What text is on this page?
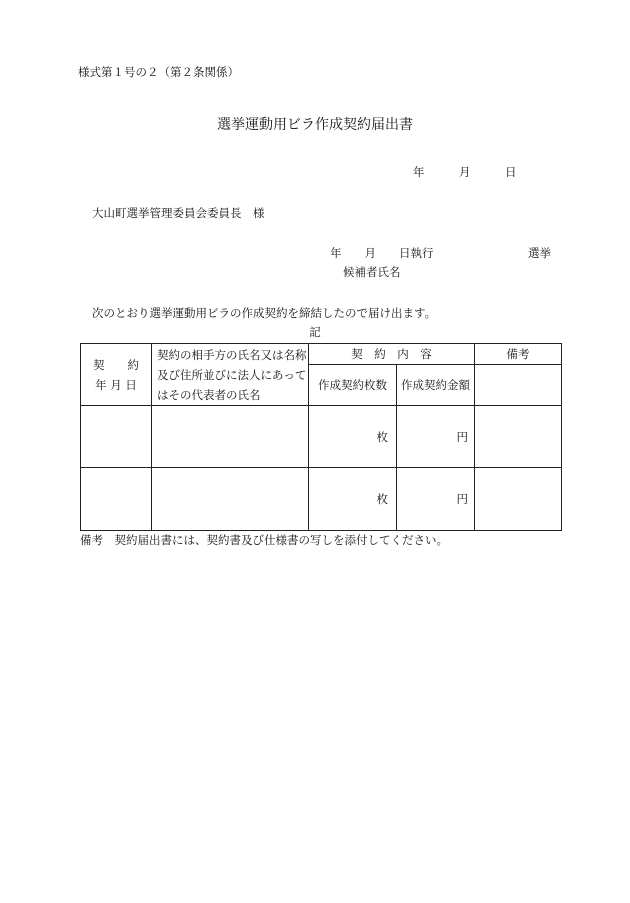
様式第１号の２（第２条関係）
選挙運動用ビラ作成契約届出書
年　　　月　　　日
大山町選挙管理委員会委員長　様
年　　月　　日執行	選挙
候補者氏名
次のとおり選挙運動用ビラの作成契約を締結したので届け出ます。
記
契　　約
年 月 日	契約の相手方の氏名又は名称
及び住所並びに法人にあって
はその代表者の氏名	契　約　内　容		備考
		作成契約枚数	作成契約金額	
		枚	円	
		枚	円	
備考　契約届出書には、契約書及び仕様書の写しを添付してください。
